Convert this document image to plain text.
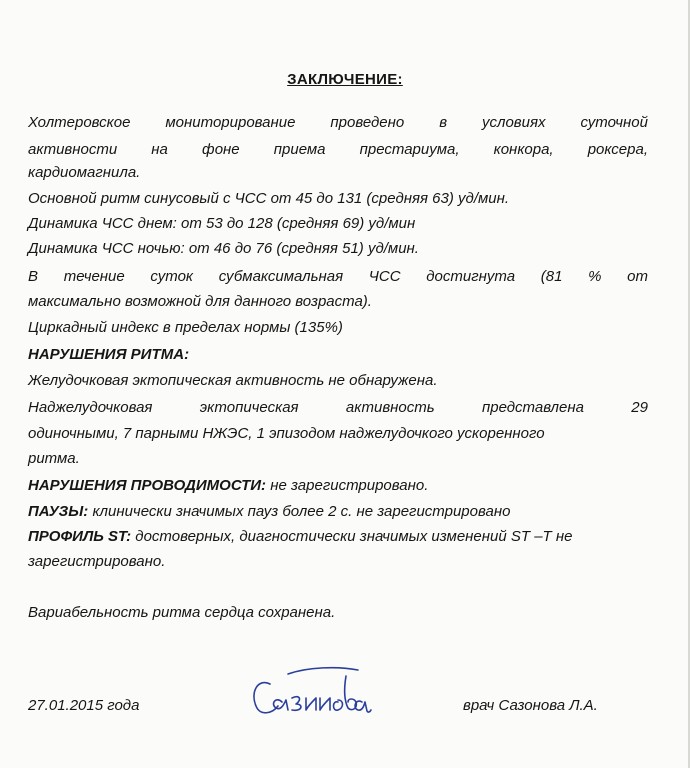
ЗАКЛЮЧЕНИЕ:
Холтеровское мониторирование проведено в условиях суточной
активности на фоне приема престариума, конкора, роксера,
кардиомагнила.
Основной ритм синусовый с ЧСС от 45 до 131 (средняя 63) уд/мин.
Динамика ЧСС днем: от 53 до 128 (средняя 69) уд/мин
Динамика ЧСС ночью: от 46 до 76 (средняя 51) уд/мин.
В течение суток субмаксимальная ЧСС достигнута (81 % от
максимально возможной для данного возраста).
Циркадный индекс в пределах нормы (135%)
НАРУШЕНИЯ РИТМА:
Желудочковая эктопическая активность не обнаружена.
Наджелудочковая эктопическая активность представлена 29
одиночными, 7 парными НЖЭС, 1 эпизодом наджелудочкого ускоренного
ритма.
НАРУШЕНИЯ ПРОВОДИМОСТИ: не зарегистрировано.
ПАУЗЫ: клинически значимых пауз более 2 с. не зарегистрировано
ПРОФИЛЬ ST: достоверных, диагностически значимых изменений ST –T не
зарегистрировано.
Вариабельность ритма сердца сохранена.
27.01.2015 года	врач Сазонова Л.А.
